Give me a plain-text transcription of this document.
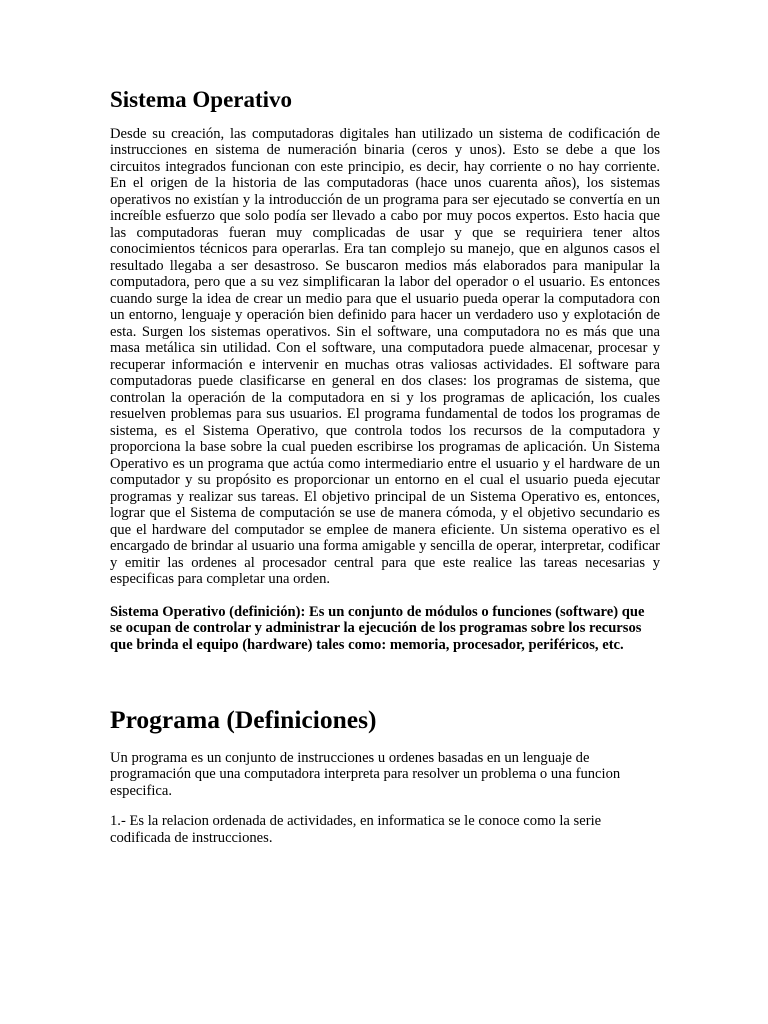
Sistema Operativo

Desde su creación, las computadoras digitales han utilizado un sistema de codificación de instrucciones en sistema de numeración binaria (ceros y unos). Esto se debe a que los circuitos integrados funcionan con este principio, es decir, hay corriente o no hay corriente. En el origen de la historia de las computadoras (hace unos cuarenta años), los sistemas operativos no existían y la introducción de un programa para ser ejecutado se convertía en un increíble esfuerzo que solo podía ser llevado a cabo por muy pocos expertos. Esto hacia que las computadoras fueran muy complicadas de usar y que se requiriera tener altos conocimientos técnicos para operarlas. Era tan complejo su manejo, que en algunos casos el resultado llegaba a ser desastroso. Se buscaron medios más elaborados para manipular la computadora, pero que a su vez simplificaran la labor del operador o el usuario. Es entonces cuando surge la idea de crear un medio para que el usuario pueda operar la computadora con un entorno, lenguaje y operación bien definido para hacer un verdadero uso y explotación de esta. Surgen los sistemas operativos. Sin el software, una computadora no es más que una masa metálica sin utilidad. Con el software, una computadora puede almacenar, procesar y recuperar información e intervenir en muchas otras valiosas actividades. El software para computadoras puede clasificarse en general en dos clases: los programas de sistema, que controlan la operación de la computadora en si y los programas de aplicación, los cuales resuelven problemas para sus usuarios. El programa fundamental de todos los programas de sistema, es el Sistema Operativo, que controla todos los recursos de la computadora y proporciona la base sobre la cual pueden escribirse los programas de aplicación. Un Sistema Operativo es un programa que actúa como intermediario entre el usuario y el hardware de un computador y su propósito es proporcionar un entorno en el cual el usuario pueda ejecutar programas y realizar sus tareas. El objetivo principal de un Sistema Operativo es, entonces, lograr que el Sistema de computación se use de manera cómoda, y el objetivo secundario es que el hardware del computador se emplee de manera eficiente. Un sistema operativo es el encargado de brindar al usuario una forma amigable y sencilla de operar, interpretar, codificar y emitir las ordenes al procesador central para que este realice las tareas necesarias y especificas para completar una orden.

Sistema Operativo (definición): Es un conjunto de módulos o funciones (software) que se ocupan de controlar y administrar la ejecución de los programas sobre los recursos que brinda el equipo (hardware) tales como: memoria, procesador, periféricos, etc.

Programa (Definiciones)

Un programa es un conjunto de instrucciones u ordenes basadas en un lenguaje de programación que una computadora interpreta para resolver un problema o una funcion especifica.

1.- Es la relacion ordenada de actividades, en informatica se le conoce como la serie codificada de instrucciones.
